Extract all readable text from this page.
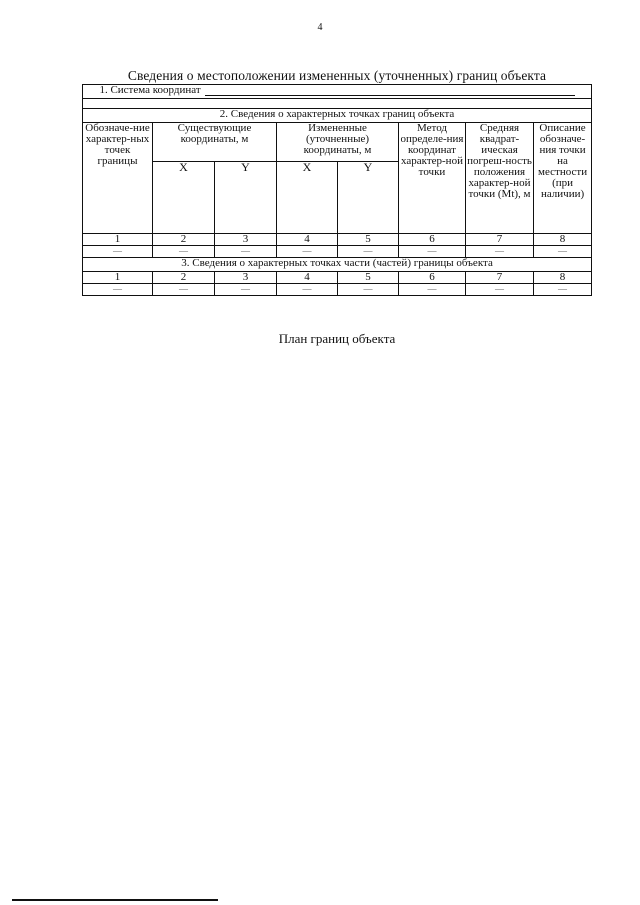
4
Сведения о местоположении измененных (уточненных) границ объекта
1. Система координат							

2. Сведения о характерных точках границ объекта							
Обозначе-ние характер-ных точек границы	Существующие координаты, м		Измененные (уточненные) координаты, м		Метод определе-ния координат характер-ной точки	Средняя квадрат-ическая погреш-ность положения характер-ной точки (Mt), м	Описание обозначе-ния точки на местности (при наличии)
	X	Y	X	Y			
1	2	3	4	5	6	7	8
—	—	—	—	—	—	—	—
3. Сведения о характерных точках части (частей) границы объекта							
1	2	3	4	5	6	7	8
—	—	—	—	—	—	—	—
План границ объекта
